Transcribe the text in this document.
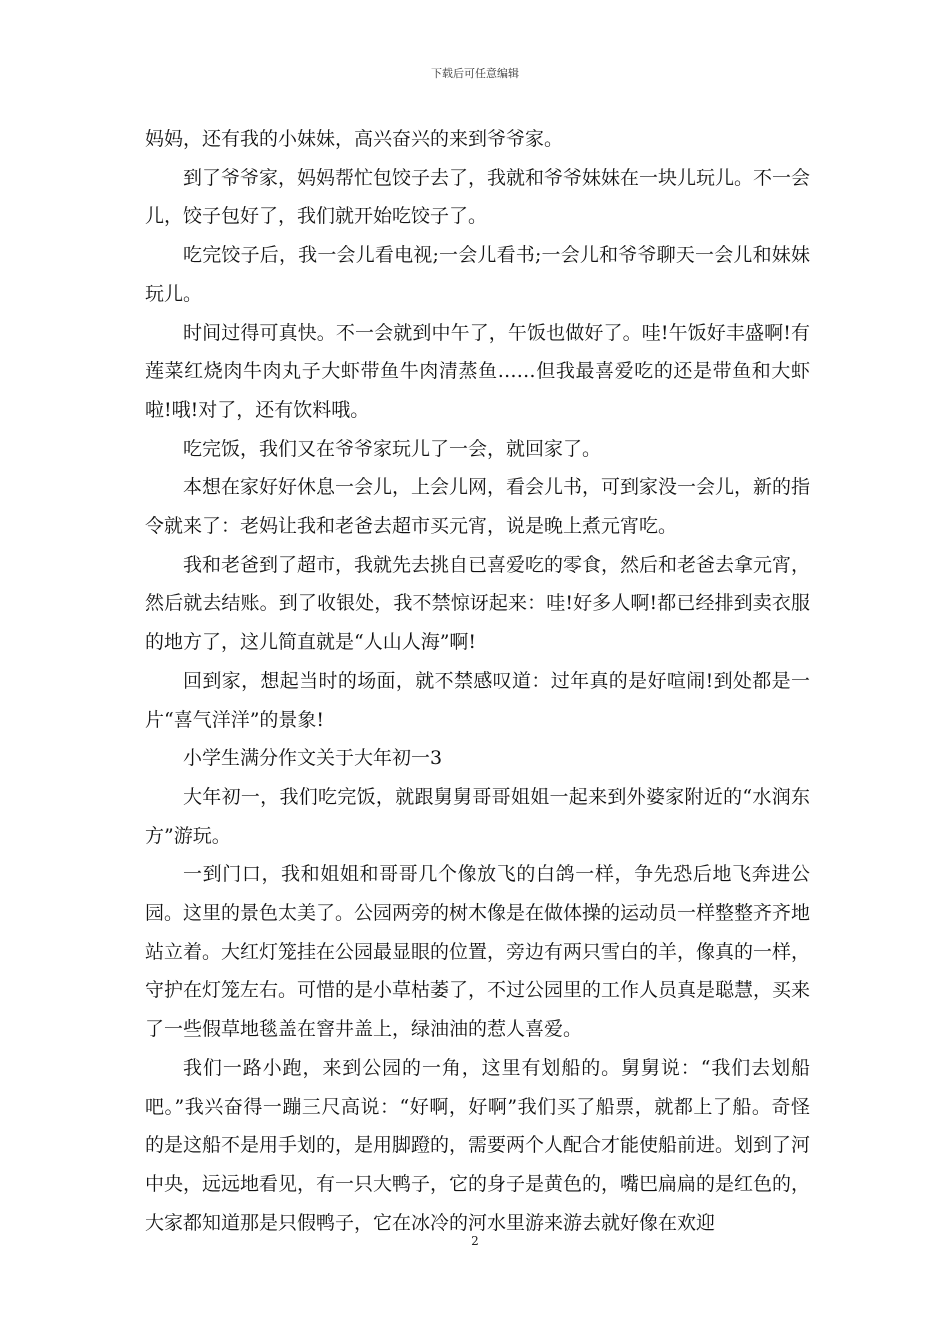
下载后可任意编辑

妈妈，还有我的小妹妹，高兴奋兴的来到爷爷家。

到了爷爷家，妈妈帮忙包饺子去了，我就和爷爷妹妹在一块儿玩儿。不一会儿，饺子包好了，我们就开始吃饺子了。

吃完饺子后，我一会儿看电视;一会儿看书;一会儿和爷爷聊天一会儿和妹妹玩儿。

时间过得可真快。不一会就到中午了，午饭也做好了。哇!午饭好丰盛啊!有莲菜红烧肉牛肉丸子大虾带鱼牛肉清蒸鱼……但我最喜爱吃的还是带鱼和大虾啦!哦!对了，还有饮料哦。

吃完饭，我们又在爷爷家玩儿了一会，就回家了。

本想在家好好休息一会儿，上会儿网，看会儿书，可到家没一会儿，新的指令就来了：老妈让我和老爸去超市买元宵，说是晚上煮元宵吃。

我和老爸到了超市，我就先去挑自已喜爱吃的零食，然后和老爸去拿元宵，然后就去结账。到了收银处，我不禁惊讶起来：哇!好多人啊!都已经排到卖衣服的地方了，这儿简直就是“人山人海”啊!

回到家，想起当时的场面，就不禁感叹道：过年真的是好喧闹!到处都是一片“喜气洋洋”的景象!

小学生满分作文关于大年初一3

大年初一，我们吃完饭，就跟舅舅哥哥姐姐一起来到外婆家附近的“水润东方”游玩。

一到门口，我和姐姐和哥哥几个像放飞的白鸽一样，争先恐后地飞奔进公园。这里的景色太美了。公园两旁的树木像是在做体操的运动员一样整整齐齐地站立着。大红灯笼挂在公园最显眼的位置，旁边有两只雪白的羊，像真的一样，守护在灯笼左右。可惜的是小草枯萎了，不过公园里的工作人员真是聪慧，买来了一些假草地毯盖在窨井盖上，绿油油的惹人喜爱。

我们一路小跑，来到公园的一角，这里有划船的。舅舅说：“我们去划船吧。”我兴奋得一蹦三尺高说：“好啊，好啊”我们买了船票，就都上了船。奇怪的是这船不是用手划的，是用脚蹬的，需要两个人配合才能使船前进。划到了河中央，远远地看见，有一只大鸭子，它的身子是黄色的，嘴巴扁扁的是红色的，大家都知道那是只假鸭子，它在冰冷的河水里游来游去就好像在欢迎

2
